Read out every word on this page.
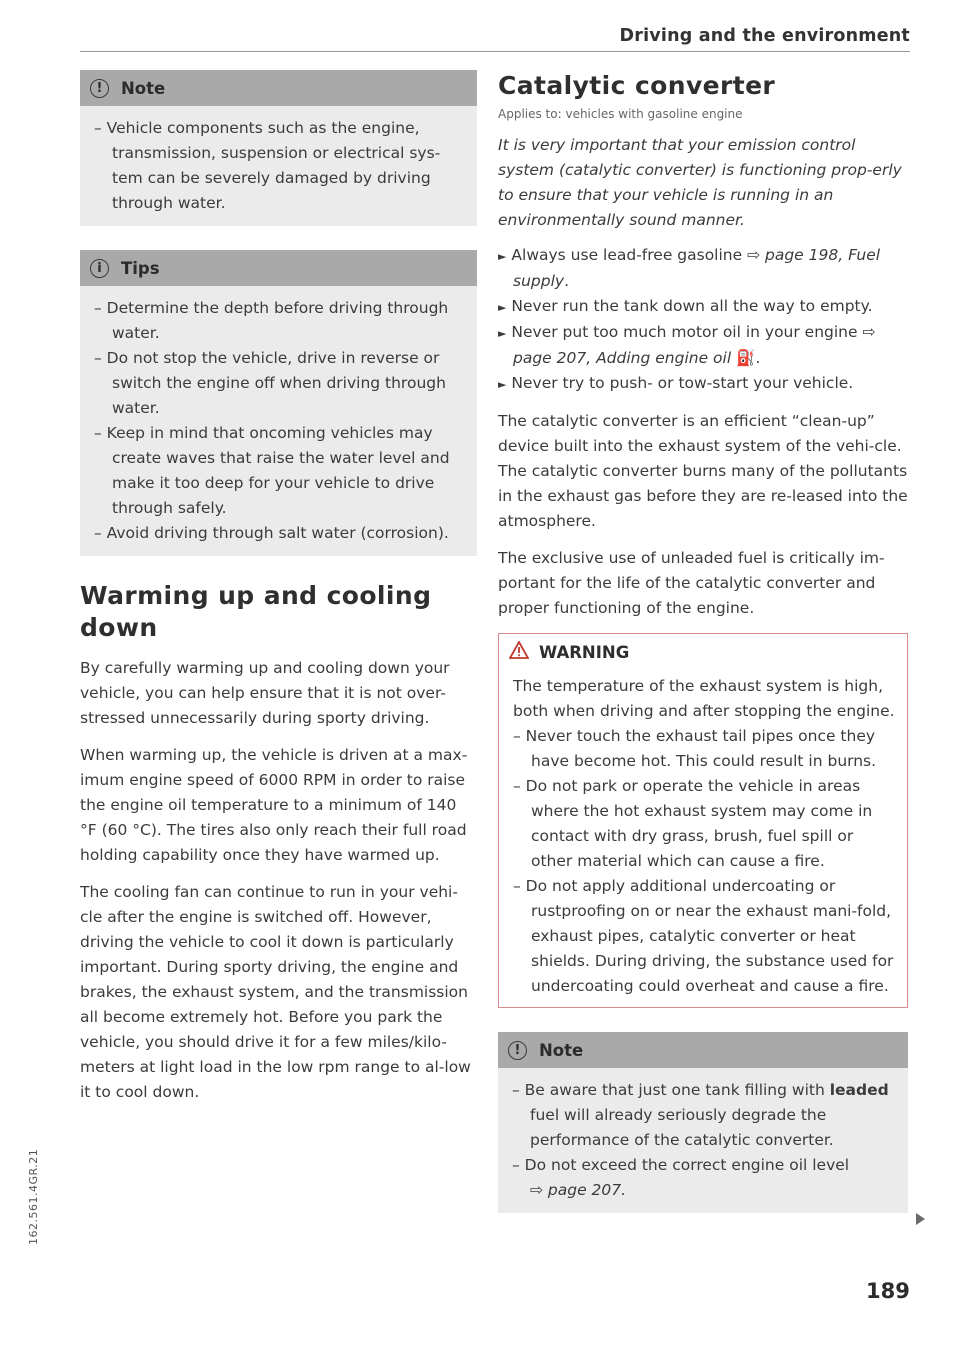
Driving and the environment
!	Note
– Vehicle components such as the engine, transmission, suspension or electrical sys-tem can be severely damaged by driving through water.
i	Tips
– Determine the depth before driving through water.
– Do not stop the vehicle, drive in reverse or switch the engine off when driving through water.
– Keep in mind that oncoming vehicles may create waves that raise the water level and make it too deep for your vehicle to drive through safely.
– Avoid driving through salt water (corrosion).
Warming up and cooling down

By carefully warming up and cooling down your vehicle, you can help ensure that it is not over-stressed unnecessarily during sporty driving.

When warming up, the vehicle is driven at a max-imum engine speed of 6000 RPM in order to raise the engine oil temperature to a minimum of 140 °F (60 °C). The tires also only reach their full road holding capability once they have warmed up.

The cooling fan can continue to run in your vehi-cle after the engine is switched off. However, driving the vehicle to cool it down is particularly important. During sporty driving, the engine and brakes, the exhaust system, and the transmission all become extremely hot. Before you park the vehicle, you should drive it for a few miles/kilo-meters at light load in the low rpm range to al-low it to cool down.

Catalytic converter
Applies to: vehicles with gasoline engine
It is very important that your emission control system (catalytic converter) is functioning prop-erly to ensure that your vehicle is running in an environmentally sound manner.
► Always use lead-free gasoline ⇨ page 198, Fuel supply.
► Never run the tank down all the way to empty.
► Never put too much motor oil in your engine ⇨ page 207, Adding engine oil ⛽.
► Never try to push- or tow-start your vehicle.

The catalytic converter is an efficient “clean-up” device built into the exhaust system of the vehi-cle. The catalytic converter burns many of the pollutants in the exhaust gas before they are re-leased into the atmosphere.

The exclusive use of unleaded fuel is critically im-portant for the life of the catalytic converter and proper functioning of the engine.

WARNING
The temperature of the exhaust system is high, both when driving and after stopping the engine.
– Never touch the exhaust tail pipes once they have become hot. This could result in burns.
– Do not park or operate the vehicle in areas where the hot exhaust system may come in contact with dry grass, brush, fuel spill or other material which can cause a fire.
– Do not apply additional undercoating or rustproofing on or near the exhaust mani-fold, exhaust pipes, catalytic converter or heat shields. During driving, the substance used for undercoating could overheat and cause a fire.
!	Note
– Be aware that just one tank filling with leaded fuel will already seriously degrade the performance of the catalytic converter.
– Do not exceed the correct engine oil level
⇨ page 207.
189
162.561.4GR.21
